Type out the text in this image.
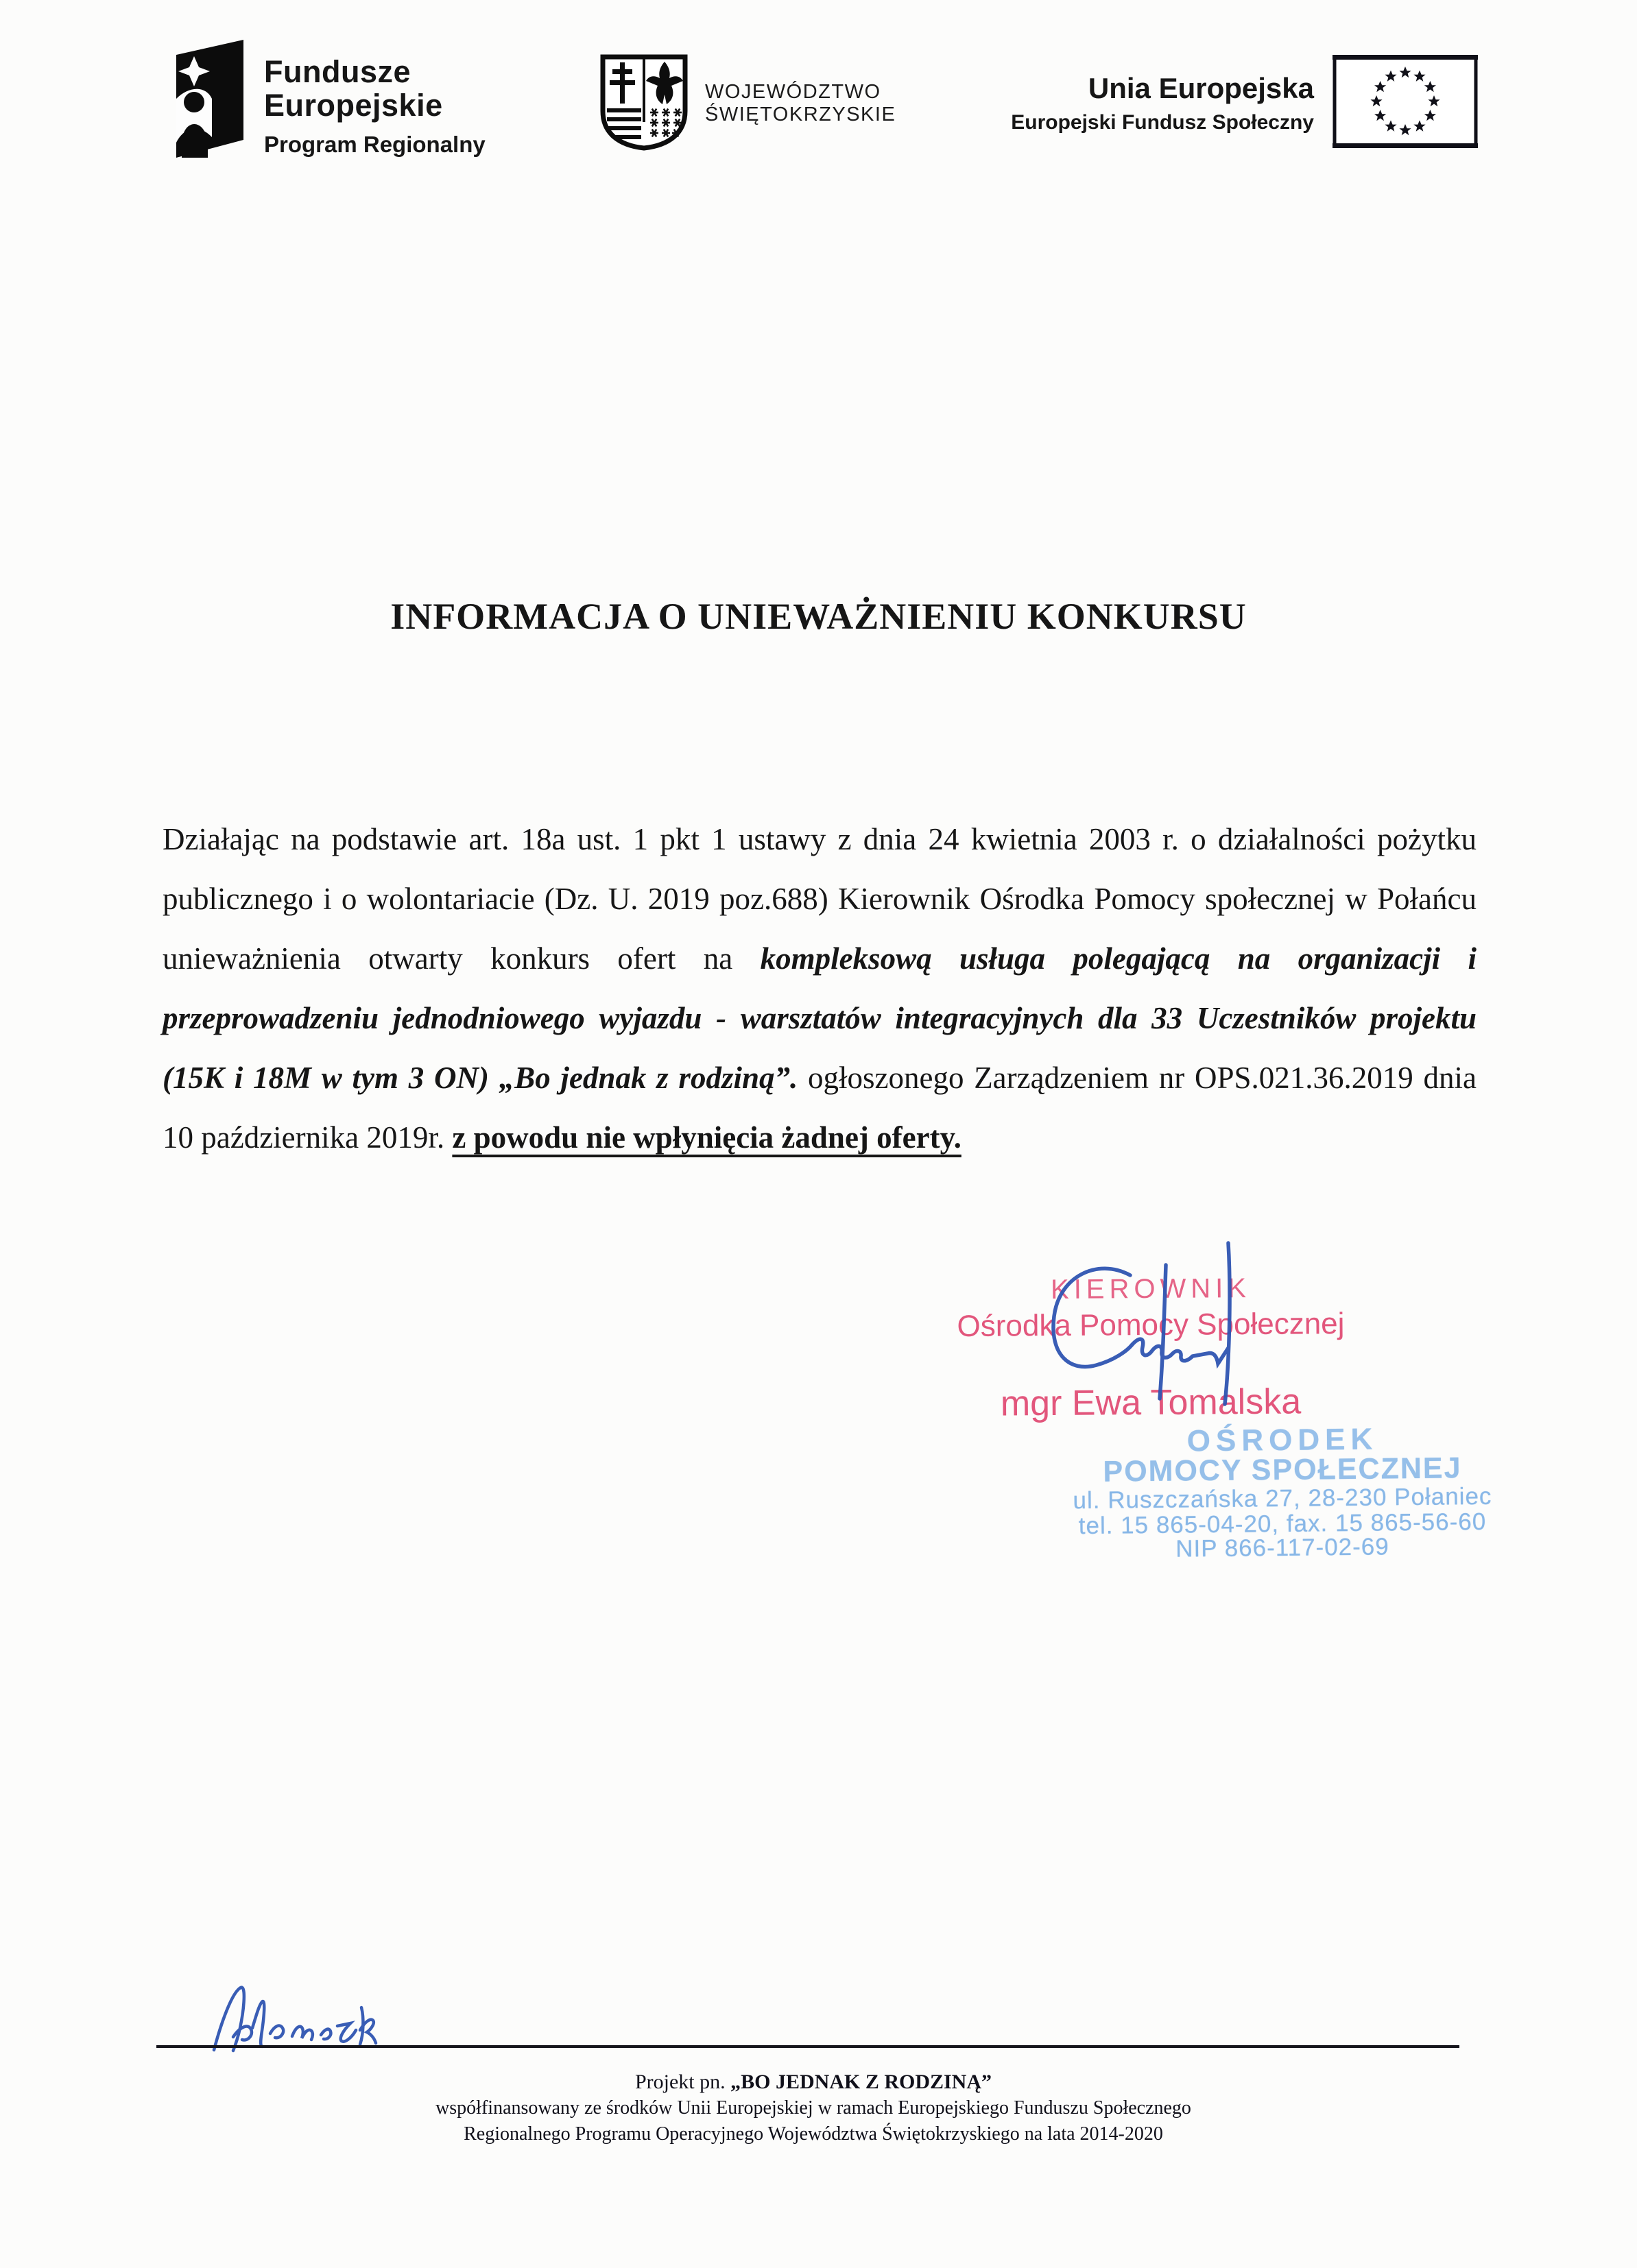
Fundusze
Europejskie
Program Regionalny
WOJEWÓDZTWO
ŚWIĘTOKRZYSKIE
Unia Europejska
Europejski Fundusz Społeczny
INFORMACJA O UNIEWAŻNIENIU KONKURSU

Działając na podstawie art. 18a ust. 1 pkt 1 ustawy z dnia 24 kwietnia 2003 r. o działalności pożytku publicznego i o wolontariacie (Dz. U. 2019 poz.688) Kierownik Ośrodka Pomocy społecznej w Połańcu unieważnienia otwarty konkurs ofert na kompleksową usługa polegającą na organizacji i przeprowadzeniu jednodniowego wyjazdu - warsztatów integracyjnych dla 33 Uczestników projektu (15K i 18M w tym 3 ON) „Bo jednak z rodziną”. ogłoszonego Zarządzeniem nr OPS.021.36.2019 dnia 10 października 2019r. z powodu nie wpłynięcia żadnej oferty.

KIEROWNIK
Ośrodka Pomocy Społecznej
mgr Ewa Tomalska
OŚRODEK
POMOCY SPOŁECZNEJ
ul. Ruszczańska 27, 28-230 Połaniec
tel. 15 865-04-20, fax. 15 865-56-60
NIP 866-117-02-69
Projekt pn. „BO JEDNAK Z RODZINĄ”
współfinansowany ze środków Unii Europejskiej w ramach Europejskiego Funduszu Społecznego
Regionalnego Programu Operacyjnego Województwa Świętokrzyskiego na lata 2014-2020
